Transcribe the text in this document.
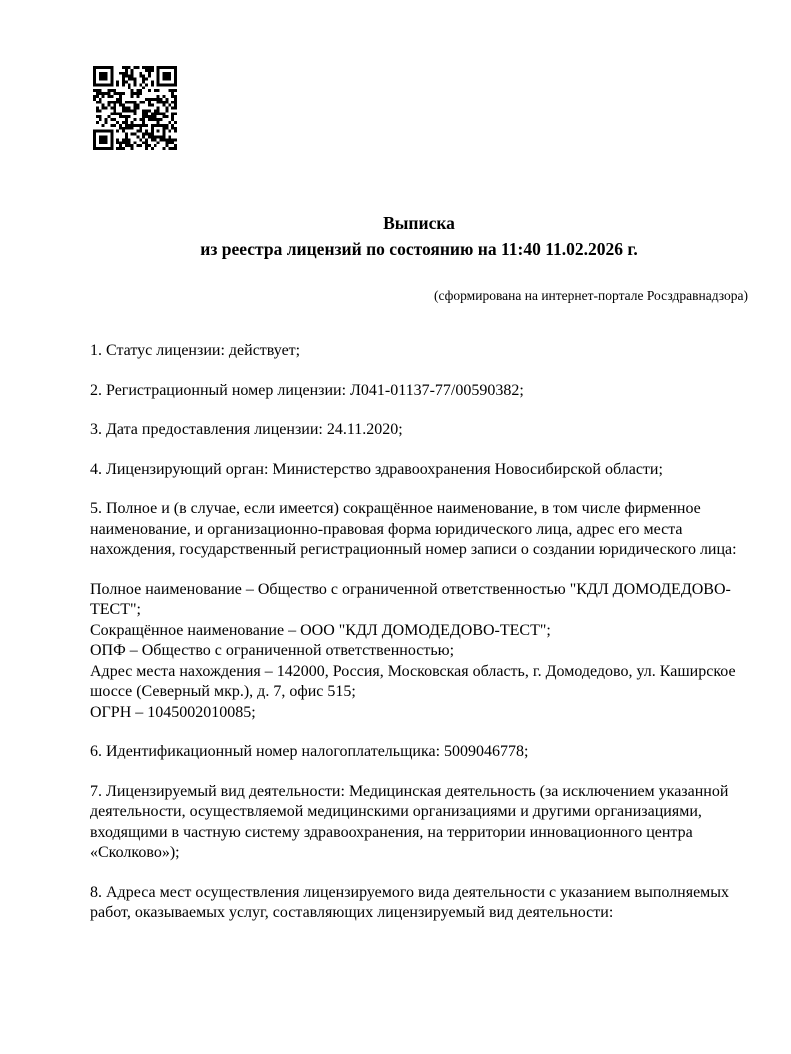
Выписка
из реестра лицензий по состоянию на 11:40 11.02.2026 г.
(сформирована на интернет-портале Росздравнадзора)

1. Статус лицензии: действует;

2. Регистрационный номер лицензии: Л041-01137-77/00590382;

3. Дата предоставления лицензии: 24.11.2020;

4. Лицензирующий орган: Министерство здравоохранения Новосибирской области;

5. Полное и (в случае, если имеется) сокращённое наименование, в том числе фирменное наименование, и организационно-правовая форма юридического лица, адрес его места нахождения, государственный регистрационный номер записи о создании юридического лица:

Полное наименование – Общество с ограниченной ответственностью "КДЛ ДОМОДЕДОВО-ТЕСТ";

Сокращённое наименование – ООО "КДЛ ДОМОДЕДОВО-ТЕСТ";

ОПФ – Общество с ограниченной ответственностью;

Адрес места нахождения – 142000, Россия, Московская область, г. Домодедово, ул. Каширское шоссе (Северный мкр.), д. 7, офис 515;

ОГРН – 1045002010085;

6. Идентификационный номер налогоплательщика: 5009046778;

7. Лицензируемый вид деятельности: Медицинская деятельность (за исключением указанной деятельности, осуществляемой медицинскими организациями и другими организациями, входящими в частную систему здравоохранения, на территории инновационного центра «Сколково»);

8. Адреса мест осуществления лицензируемого вида деятельности с указанием выполняемых работ, оказываемых услуг, составляющих лицензируемый вид деятельности:
